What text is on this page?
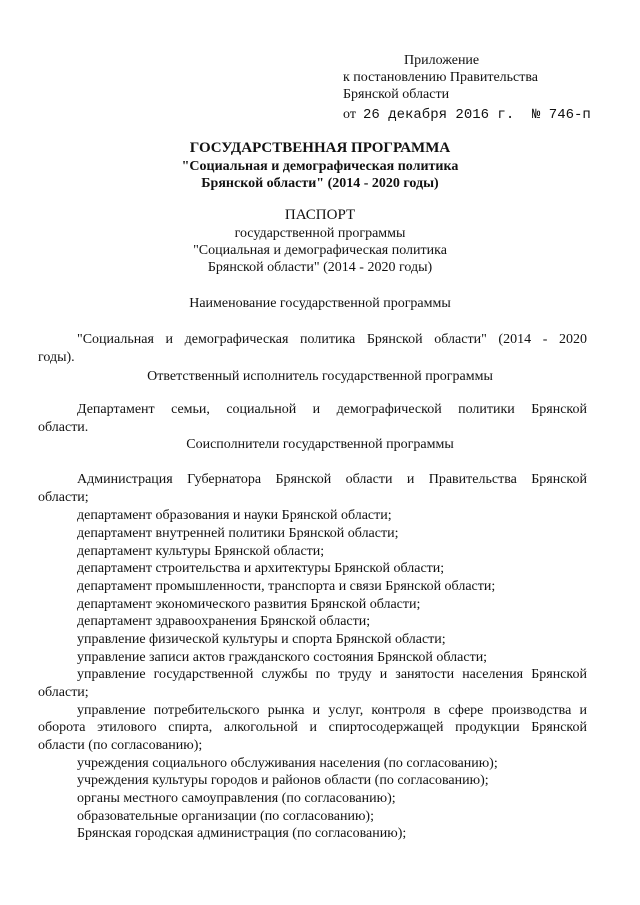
Приложение
к постановлению Правительства
Брянской области
от 26 декабря 2016 г. № 746-п
ГОСУДАРСТВЕННАЯ ПРОГРАММА
"Социальная и демографическая политика
Брянской области" (2014 - 2020 годы)
ПАСПОРТ
государственной программы
"Социальная и демографическая политика
Брянской области" (2014 - 2020 годы)
Наименование государственной программы
"Социальная и демографическая политика Брянской области" (2014 - 2020
годы).
Ответственный исполнитель государственной программы
Департамент семьи, социальной и демографической политики Брянской
области.
Соисполнители государственной программы
Администрация Губернатора Брянской области и Правительства Брянской
области;
департамент образования и науки Брянской области;
департамент внутренней политики Брянской области;
департамент культуры Брянской области;
департамент строительства и архитектуры Брянской области;
департамент промышленности, транспорта и связи Брянской области;
департамент экономического развития Брянской области;
департамент здравоохранения Брянской области;
управление физической культуры и спорта Брянской области;
управление записи актов гражданского состояния Брянской области;
управление государственной службы по труду и занятости населения Брянской
области;
управление потребительского рынка и услуг, контроля в сфере производства и
оборота этилового спирта, алкогольной и спиртосодержащей продукции Брянской
области (по согласованию);
учреждения социального обслуживания населения (по согласованию);
учреждения культуры городов и районов области (по согласованию);
органы местного самоуправления (по согласованию);
образовательные организации (по согласованию);
Брянская городская администрация (по согласованию);
